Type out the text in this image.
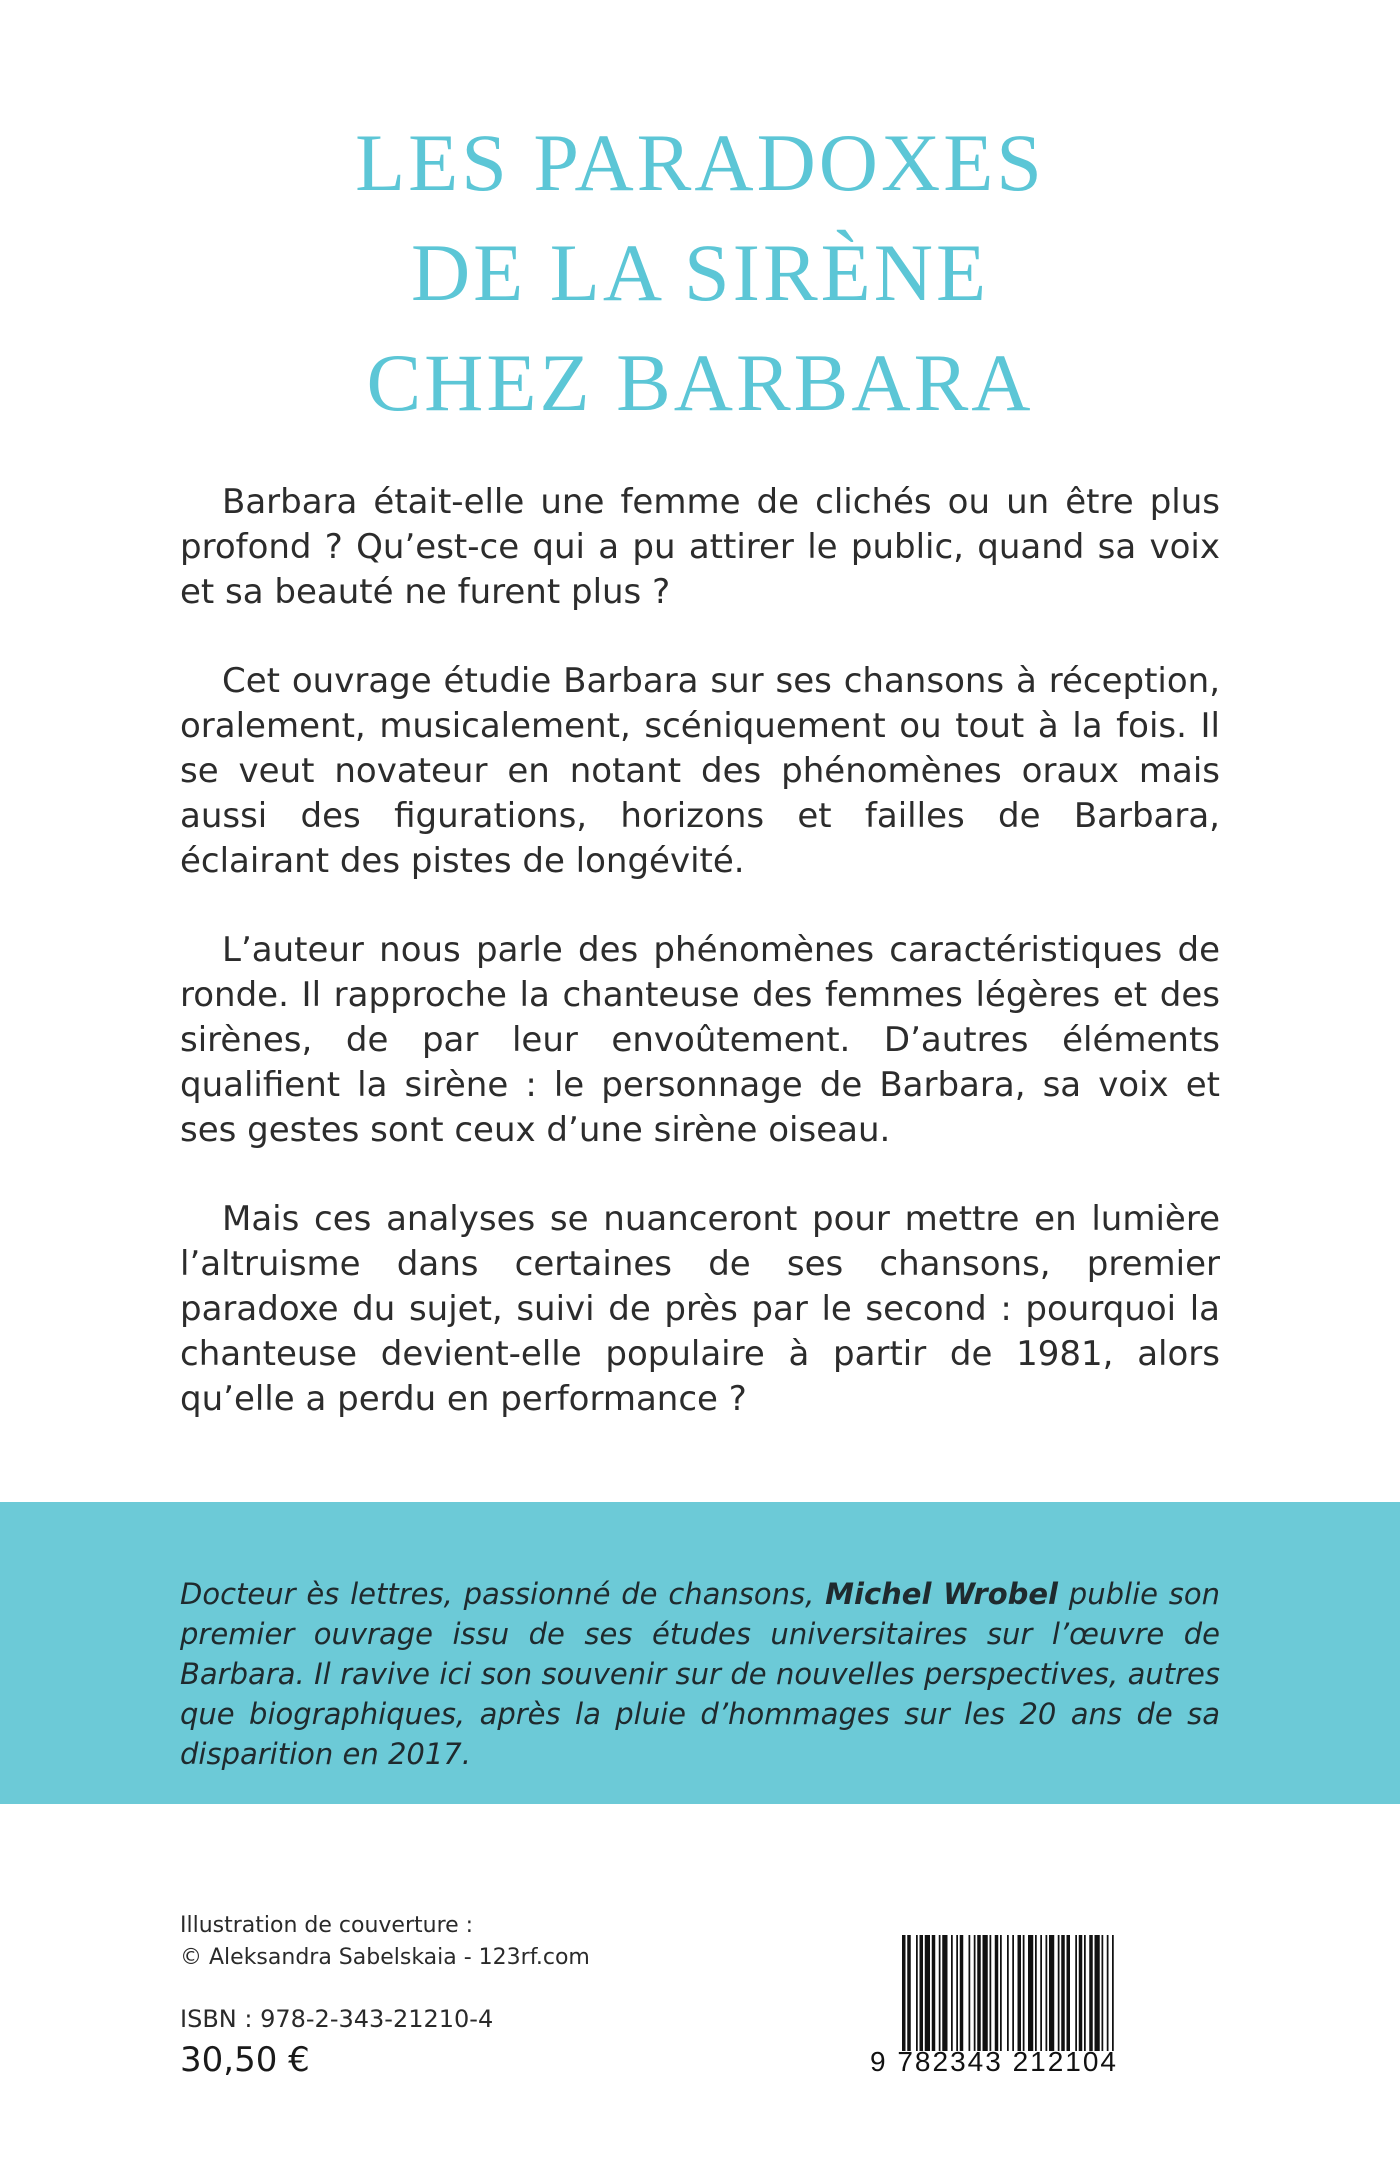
LES PARADOXES
DE LA SIRÈNE
CHEZ BARBARA

Barbara était-elle une femme de clichés ou un être plus profond ? Qu’est-ce qui a pu attirer le public, quand sa voix et sa beauté ne furent plus ?

Cet ouvrage étudie Barbara sur ses chansons à réception, oralement, musicalement, scéniquement ou tout à la fois. Il se veut novateur en notant des phénomènes oraux mais aussi des figurations, horizons et failles de Barbara, éclairant des pistes de longévité.

L’auteur nous parle des phénomènes caractéristiques de ronde. Il rapproche la chanteuse des femmes légères et des sirènes, de par leur envoûtement. D’autres éléments qualifient la sirène : le personnage de Barbara, sa voix et ses gestes sont ceux d’une sirène oiseau.

Mais ces analyses se nuanceront pour mettre en lumière l’altruisme dans certaines de ses chansons, premier paradoxe du sujet, suivi de près par le second : pourquoi la chanteuse devient-elle populaire à partir de 1981, alors qu’elle a perdu en performance ?

Docteur ès lettres, passionné de chansons, Michel Wrobel publie son premier ouvrage issu de ses études universitaires sur l’œuvre de Barbara. Il ravive ici son souvenir sur de nouvelles perspectives, autres que biographiques, après la pluie d’hommages sur les 20 ans de sa disparition en 2017.

Illustration de couverture :
© Aleksandra Sabelskaia - 123rf.com
ISBN : 978-2-343-21210-4
30,50 €	9 782343 212104
